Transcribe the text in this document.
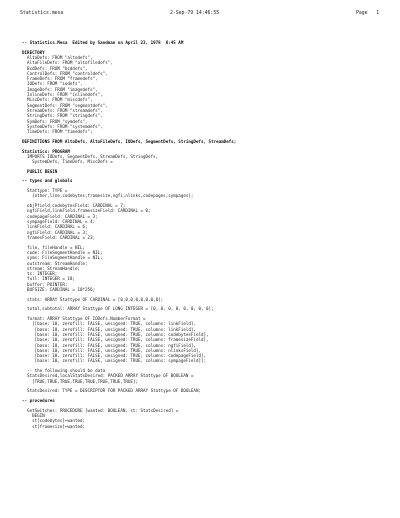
Statistics.mesa	2-Sep-79 14:46:55	Page   1
-- Statistics.Mesa  Edited by Sandman on April 23, 1978  6:45 AM
DIRECTORY
AltoDefs: FROM "altodefs",
AltoFileDefs: FROM "altofiledefs",
BcdDefs: FROM "bcddefs",
ControlDefs: FROM "controldefs",
FrameDefs: FROM "framedefs",
IODefs: FROM "iodefs",
ImageDefs: FROM "imagedefs",
InlineDefs: FROM "inlinedefs",
MiscDefs: FROM "miscdefs",
SegmentDefs: FROM "segmentdefs",
StreamDefs: FROM "streamdefs",
StringDefs: FROM "stringdefs",
SymDefs: FROM "symdefs",
SystemDefs: FROM "systemdefs",
TimeDefs: FROM "timedefs";
DEFINITIONS FROM AltoDefs, AltoFileDefs, IODefs, SegmentDefs, StringDefs, StreamDefs;
Statistics: PROGRAM
IMPORTS IODefs, SegmentDefs, StreamDefs, StringDefs,
SystemDefs, TimeDefs, MiscDefs =
PUBLIC BEGIN
-- types and globals
Stattype: TYPE =
{other,line,codebytes,framesize,ngfi,nlinks,codepages,sympages};
objPfield,codebytesField: CARDINAL = 7;
ngfiField,linkField,framesizeField: CARDINAL = 0;
codepageField: CARDINAL = 3;
sympageField: CARDINAL = 4;
linkField: CARDINAL = 6;
ngfiField: CARDINAL = 3;
framesField: CARDINAL = 23;
file, fileHandle = NIL;
code: FileSegmentHandle = NIL;
syms: FileSegmentHandle = NIL;
outstream: StreamHandle;
stream: StreamHandle;
tc: INTEGER;
full: INTEGER = 18;
buffer: POINTER;
BUFSIZE: CARDINAL = 10*256;
stats: ARRAY Stattype OF CARDINAL = [0,0,0,0,0,0,0,0];
total,subtotal: ARRAY Stattype OF LONG INTEGER = [0, 0, 0, 0, 0, 0, 0, 0];
format: ARRAY Stattype OF IODefs.NumberFormat =
[[base: 10, zerofill: FALSE, unsigned: TRUE, columns: linkField],
[base: 10, zerofill: FALSE, unsigned: TRUE, columns: linkField],
[base: 10, zerofill: FALSE, unsigned: TRUE, columns: codebytesField],
[base: 10, zerofill: FALSE, unsigned: TRUE, columns: framesizeField],
[base: 10, zerofill: FALSE, unsigned: TRUE, columns: ngfiField],
[base: 10, zerofill: FALSE, unsigned: TRUE, columns: nlinksField],
[base: 10, zerofill: FALSE, unsigned: TRUE, columns: codepageField],
[base: 10, zerofill: FALSE, unsigned: TRUE, columns: sympageField]];
-- the following should be data
StatsDesired,localStatsDesired: PACKED ARRAY Stattype OF BOOLEAN =
[TRUE,TRUE,TRUE,TRUE,TRUE,TRUE,TRUE,TRUE];
StatsDesired: TYPE = DESCRIPTOR FOR PACKED ARRAY Stattype OF BOOLEAN;
-- procedures
GetSwitches: PROCEDURE [wanted: BOOLEAN, st: StatsDesired] =
BEGIN
st[codebytes]←wanted;
st[framesize]←wanted;
